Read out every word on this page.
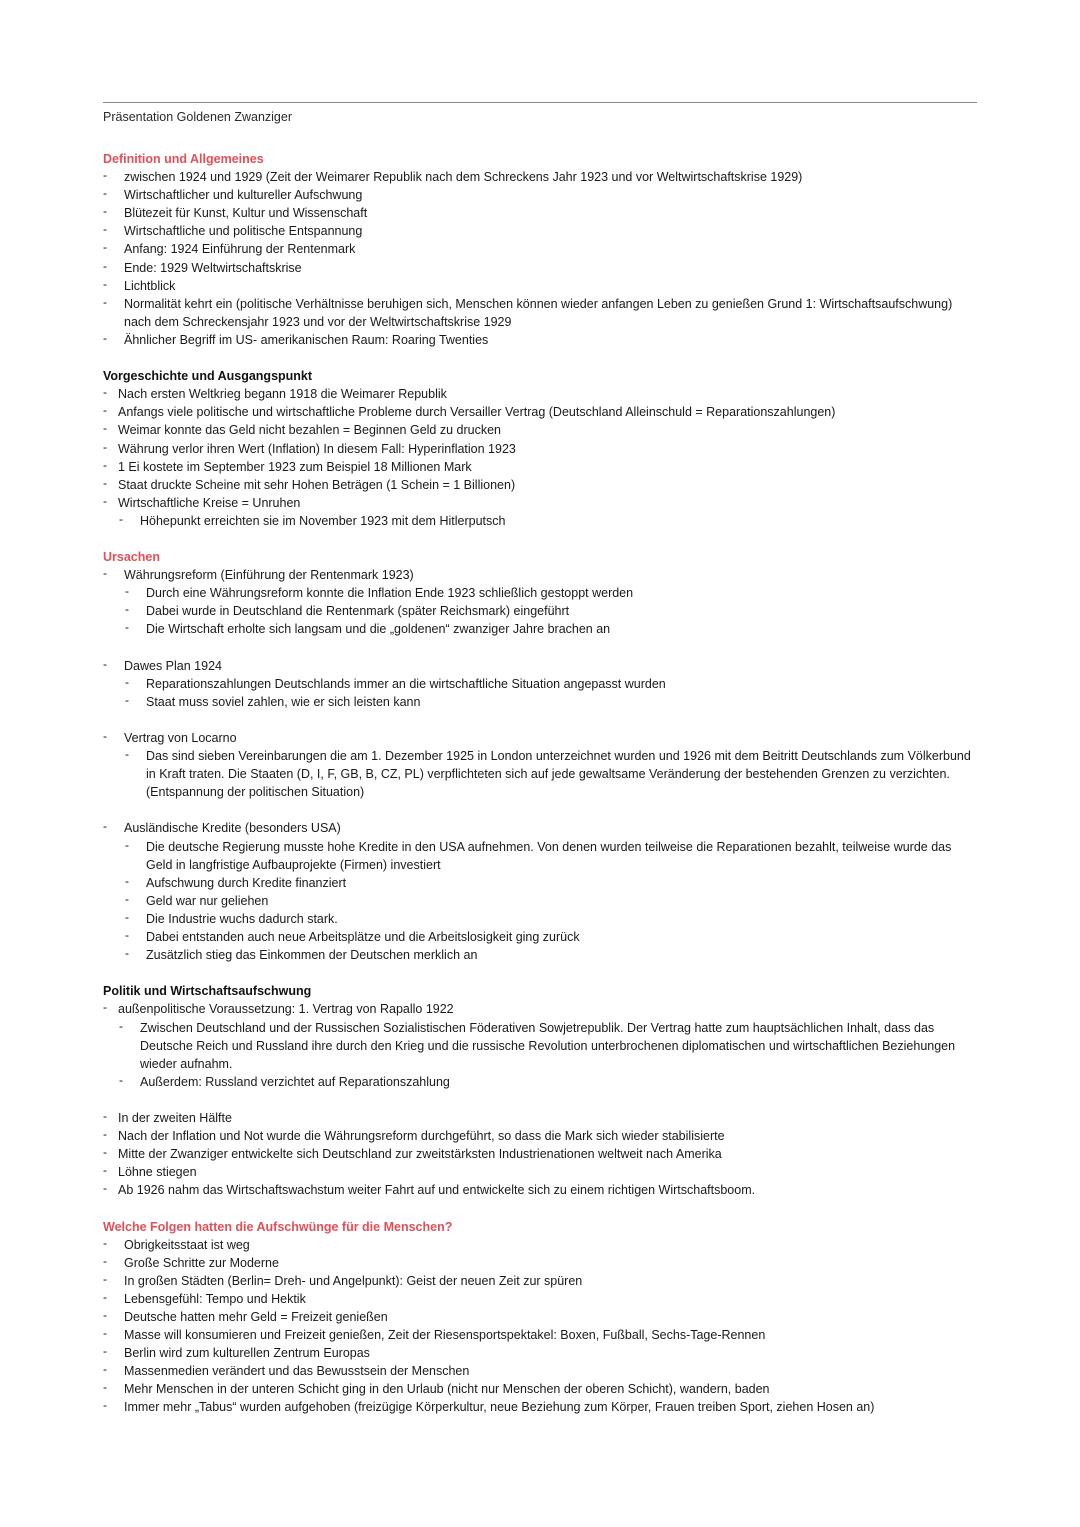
Präsentation Goldenen Zwanziger

Definition und Allgemeines

- zwischen 1924 und 1929 (Zeit der Weimarer Republik nach dem Schreckens Jahr 1923 und vor Weltwirtschaftskrise 1929)
- Wirtschaftlicher und kultureller Aufschwung
- Blütezeit für Kunst, Kultur und Wissenschaft
- Wirtschaftliche und politische Entspannung
- Anfang: 1924 Einführung der Rentenmark
- Ende: 1929 Weltwirtschaftskrise
- Lichtblick
- Normalität kehrt ein (politische Verhältnisse beruhigen sich, Menschen können wieder anfangen Leben zu genießen Grund 1: Wirtschaftsaufschwung) nach dem Schreckensjahr 1923 und vor der Weltwirtschaftskrise 1929
- Ähnlicher Begriff im US- amerikanischen Raum: Roaring Twenties

Vorgeschichte und Ausgangspunkt

- Nach ersten Weltkrieg begann 1918 die Weimarer Republik
- Anfangs viele politische und wirtschaftliche Probleme durch Versailler Vertrag (Deutschland Alleinschuld = Reparationszahlungen)
- Weimar konnte das Geld nicht bezahlen = Beginnen Geld zu drucken
- Währung verlor ihren Wert (Inflation) In diesem Fall: Hyperinflation 1923
- 1 Ei kostete im September 1923 zum Beispiel 18 Millionen Mark
- Staat druckte Scheine mit sehr Hohen Beträgen (1 Schein = 1 Billionen)
- Wirtschaftliche Kreise = Unruhen
- Höhepunkt erreichten sie im November 1923 mit dem Hitlerputsch

Ursachen

- Währungsreform (Einführung der Rentenmark 1923)
- Durch eine Währungsreform konnte die Inflation Ende 1923 schließlich gestoppt werden
- Dabei wurde in Deutschland die Rentenmark (später Reichsmark) eingeführt
- Die Wirtschaft erholte sich langsam und die „goldenen“ zwanziger Jahre brachen an
- Dawes Plan 1924
- Reparationszahlungen Deutschlands immer an die wirtschaftliche Situation angepasst wurden
- Staat muss soviel zahlen, wie er sich leisten kann
- Vertrag von Locarno
- Das sind sieben Vereinbarungen die am 1. Dezember 1925 in London unterzeichnet wurden und 1926 mit dem Beitritt Deutschlands zum Völkerbund in Kraft traten. Die Staaten (D, I, F, GB, B, CZ, PL) verpflichteten sich auf jede gewaltsame Veränderung der bestehenden Grenzen zu verzichten. (Entspannung der politischen Situation)
- Ausländische Kredite (besonders USA)
- Die deutsche Regierung musste hohe Kredite in den USA aufnehmen. Von denen wurden teilweise die Reparationen bezahlt, teilweise wurde das Geld in langfristige Aufbauprojekte (Firmen) investiert
- Aufschwung durch Kredite finanziert
- Geld war nur geliehen
- Die Industrie wuchs dadurch stark.
- Dabei entstanden auch neue Arbeitsplätze und die Arbeitslosigkeit ging zurück
- Zusätzlich stieg das Einkommen der Deutschen merklich an

Politik und Wirtschaftsaufschwung

- außenpolitische Voraussetzung: 1. Vertrag von Rapallo 1922
- Zwischen Deutschland und der Russischen Sozialistischen Föderativen Sowjetrepublik. Der Vertrag hatte zum hauptsächlichen Inhalt, dass das Deutsche Reich und Russland ihre durch den Krieg und die russische Revolution unterbrochenen diplomatischen und wirtschaftlichen Beziehungen wieder aufnahm.
- Außerdem: Russland verzichtet auf Reparationszahlung
- In der zweiten Hälfte
- Nach der Inflation und Not wurde die Währungsreform durchgeführt, so dass die Mark sich wieder stabilisierte
- Mitte der Zwanziger entwickelte sich Deutschland zur zweitstärksten Industrienationen weltweit nach Amerika
- Löhne stiegen
- Ab 1926 nahm das Wirtschaftswachstum weiter Fahrt auf und entwickelte sich zu einem richtigen Wirtschaftsboom.

Welche Folgen hatten die Aufschwünge für die Menschen?

- Obrigkeitsstaat ist weg
- Große Schritte zur Moderne
- In großen Städten (Berlin= Dreh- und Angelpunkt): Geist der neuen Zeit zur spüren
- Lebensgefühl: Tempo und Hektik
- Deutsche hatten mehr Geld = Freizeit genießen
- Masse will konsumieren und Freizeit genießen, Zeit der Riesensportspektakel: Boxen, Fußball, Sechs-Tage-Rennen
- Berlin wird zum kulturellen Zentrum Europas
- Massenmedien verändert und das Bewusstsein der Menschen
- Mehr Menschen in der unteren Schicht ging in den Urlaub (nicht nur Menschen der oberen Schicht), wandern, baden
- Immer mehr „Tabus“ wurden aufgehoben (freizügige Körperkultur, neue Beziehung zum Körper, Frauen treiben Sport, ziehen Hosen an)
